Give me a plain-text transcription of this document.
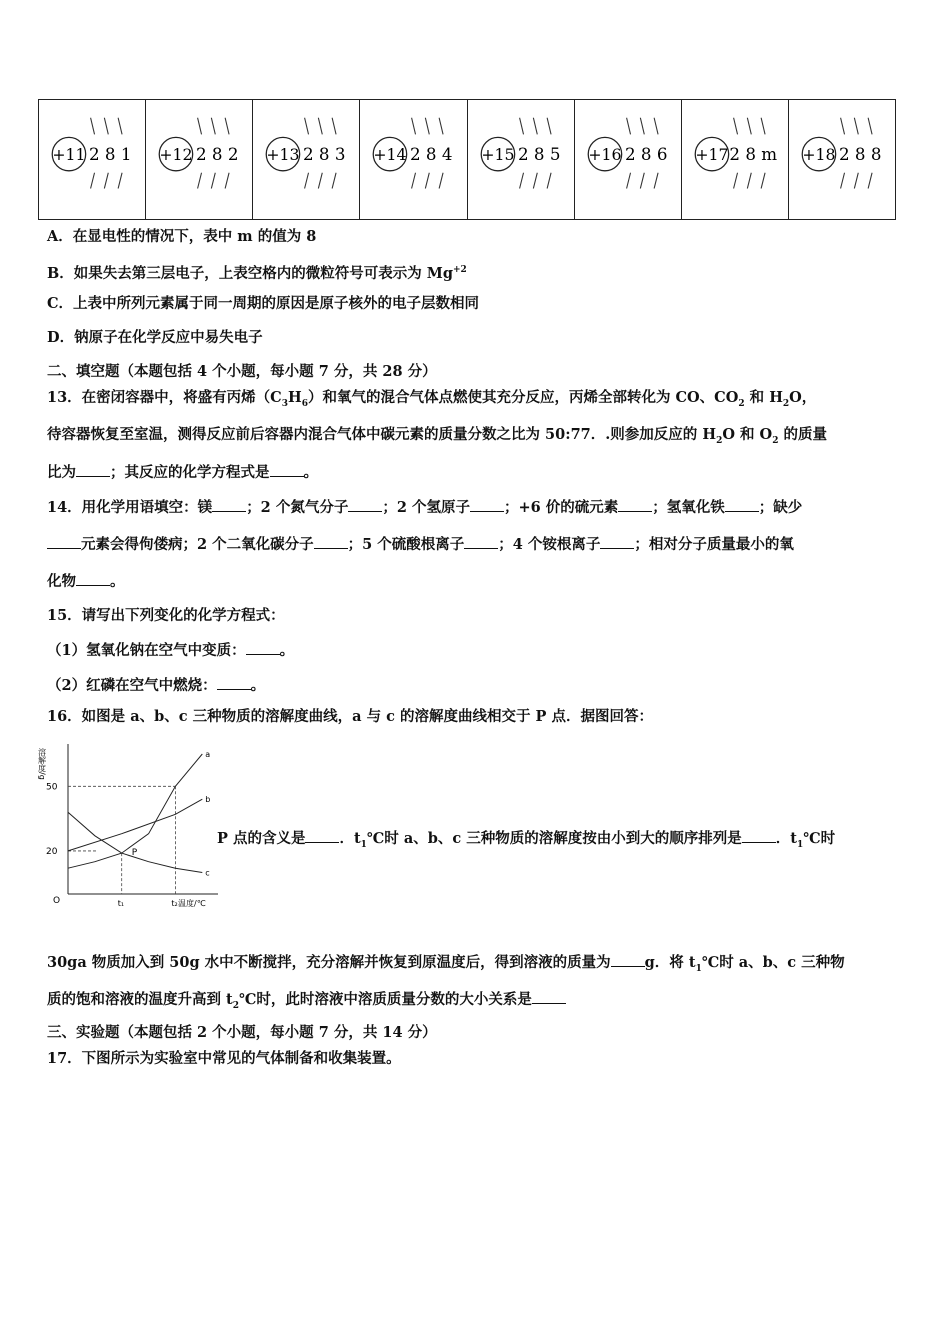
+11 2 8 1 +12 2 8 2 +13 2 8 3 +14 2 8 4 +15 2 8 5 +16 2 8 6 +17 2 8 m +18 2 8 8
A．在显电性的情况下，表中 m 的值为 8
B．如果失去第三层电子，上表空格内的微粒符号可表示为 $Mg^{+2}$
C．上表中所列元素属于同一周期的原因是原子核外的电子层数相同
D．钠原子在化学反应中易失电子
二、填空题（本题包括 4 个小题，每小题 7 分，共 28 分）
13．在密闭容器中，将盛有丙烯$(C_3H_6)$和氧气的混合气体点燃使其充分反应，丙烯全部转化为 CO、$CO_2$ 和 $H_2O$，
待容器恢复至室温，测得反应前后容器内混合气体中碳元素的质量分数之比为 50:77．.则参加反应的 $H_2O$ 和 $O_2$ 的质量
比为 ；其反应的化学方程式是 。
14．用化学用语填空：镁 ；2 个氮气分子 ；2 个氢原子 ；+6 价的硫元素 ；氢氧化铁 ；缺少
元素会得佝偻病；2 个二氧化碳分子 ；5 个硫酸根离子 ；4 个铵根离子 ；相对分子质量最小的氧
化物 。
15．请写出下列变化的化学方程式：
（1）氢氧化钠在空气中变质： 。
（2）红磷在空气中燃烧： 。
16．如图是 a、b、c 三种物质的溶解度曲线，a 与 c 的溶解度曲线相交于 P 点．据图回答：
O
溶解度/g
温度/℃
20
50
t₁	t₂
a
b
c
P
P 点的含义是 ．$t_1℃$时 a、b、c 三种物质的溶解度按由小到大的顺序排列是 ．$t_1℃$时
30ga 物质加入到 50g 水中不断搅拌，充分溶解并恢复到原温度后，得到溶液的质量为 g．将 $t_1℃$时 a、b、c 三种物
质的饱和溶液的温度升高到 $t_2℃$时，此时溶液中溶质质量分数的大小关系是
三、实验题（本题包括 2 个小题，每小题 7 分，共 14 分）
17．下图所示为实验室中常见的气体制备和收集装置。
